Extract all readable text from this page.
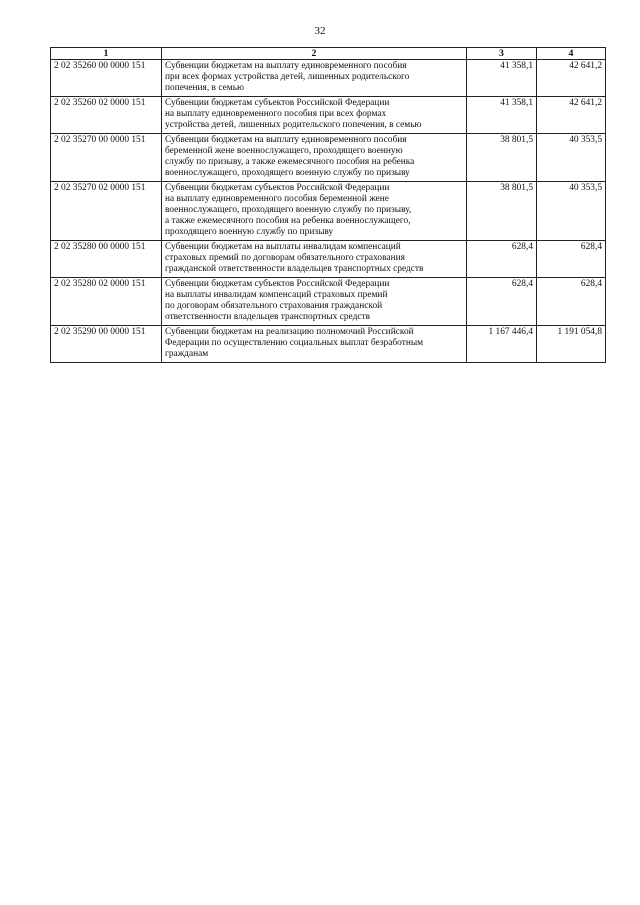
32
1	2	3	4
2 02 35260 00 0000 151	Субвенции бюджетам на выплату единовременного пособия
при всех формах устройства детей, лишенных родительского
попечения, в семью	41 358,1	42 641,2
2 02 35260 02 0000 151	Субвенции бюджетам субъектов Российской Федерации
на выплату единовременного пособия при всех формах
устройства детей, лишенных родительского попечения, в семью	41 358,1	42 641,2
2 02 35270 00 0000 151	Субвенции бюджетам на выплату единовременного пособия
беременной жене военнослужащего, проходящего военную
службу по призыву, а также ежемесячного пособия на ребенка
военнослужащего, проходящего военную службу по призыву	38 801,5	40 353,5
2 02 35270 02 0000 151	Субвенции бюджетам субъектов Российской Федерации
на выплату единовременного пособия беременной жене
военнослужащего, проходящего военную службу по призыву,
а также ежемесячного пособия на ребенка военнослужащего,
проходящего военную службу по призыву	38 801,5	40 353,5
2 02 35280 00 0000 151	Субвенции бюджетам на выплаты инвалидам компенсаций
страховых премий по договорам обязательного страхования
гражданской ответственности владельцев транспортных средств	628,4	628,4
2 02 35280 02 0000 151	Субвенции бюджетам субъектов Российской Федерации
на выплаты инвалидам компенсаций страховых премий
по договорам обязательного страхования гражданской
ответственности владельцев транспортных средств	628,4	628,4
2 02 35290 00 0000 151	Субвенции бюджетам на реализацию полномочий Российской
Федерации по осуществлению социальных выплат безработным
гражданам	1 167 446,4	1 191 054,8
